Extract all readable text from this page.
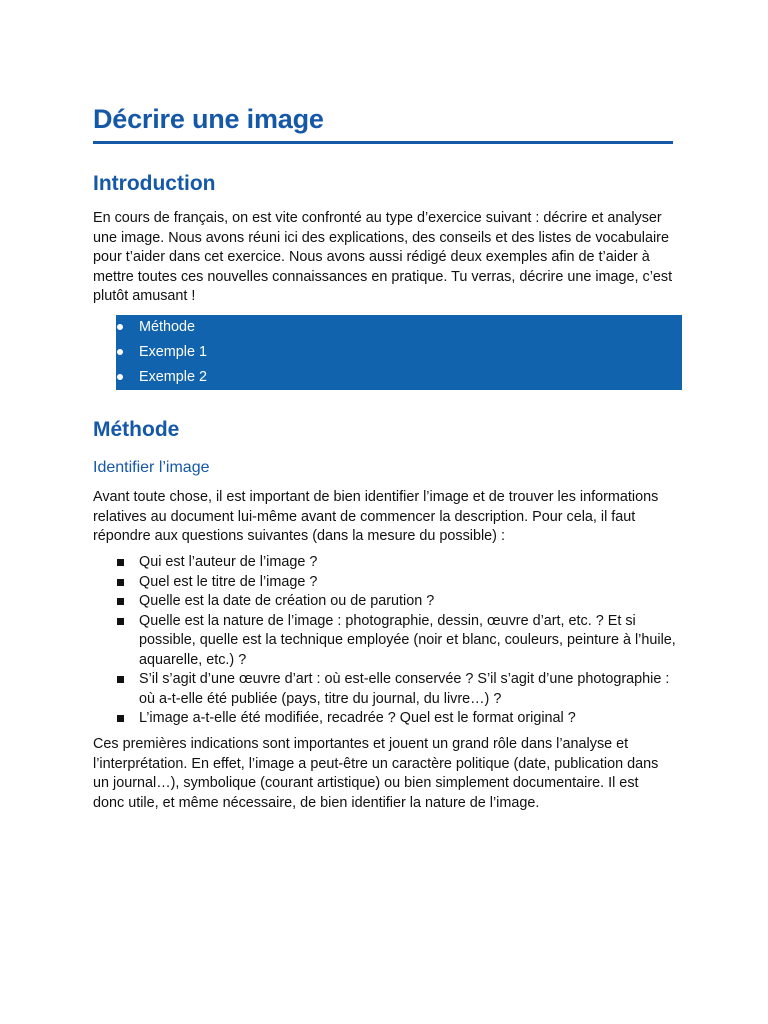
Décrire une image
Introduction

En cours de français, on est vite confronté au type d’exercice suivant : décrire et analyser une image. Nous avons réuni ici des explications, des conseils et des listes de vocabulaire pour t’aider dans cet exercice. Nous avons aussi rédigé deux exemples afin de t’aider à mettre toutes ces nouvelles connaissances en pratique. Tu verras, décrire une image, c’est plutôt amusant !

Méthode
Exemple 1
Exemple 2
Méthode
Identifier l’image

Avant toute chose, il est important de bien identifier l’image et de trouver les informations relatives au document lui-même avant de commencer la description. Pour cela, il faut répondre aux questions suivantes (dans la mesure du possible) :

Qui est l’auteur de l’image ?
Quel est le titre de l’image ?
Quelle est la date de création ou de parution ?
Quelle est la nature de l’image : photographie, dessin, œuvre d’art, etc. ? Et si possible, quelle est la technique employée (noir et blanc, couleurs, peinture à l’huile, aquarelle, etc.) ?
S’il s’agit d’une œuvre d’art : où est-elle conservée ? S’il s’agit d’une photographie : où a-t-elle été publiée (pays, titre du journal, du livre…) ?
L’image a-t-elle été modifiée, recadrée ? Quel est le format original ?

Ces premières indications sont importantes et jouent un grand rôle dans l’analyse et l’interprétation. En effet, l’image a peut-être un caractère politique (date, publication dans un journal…), symbolique (courant artistique) ou bien simplement documentaire. Il est donc utile, et même nécessaire, de bien identifier la nature de l’image.
